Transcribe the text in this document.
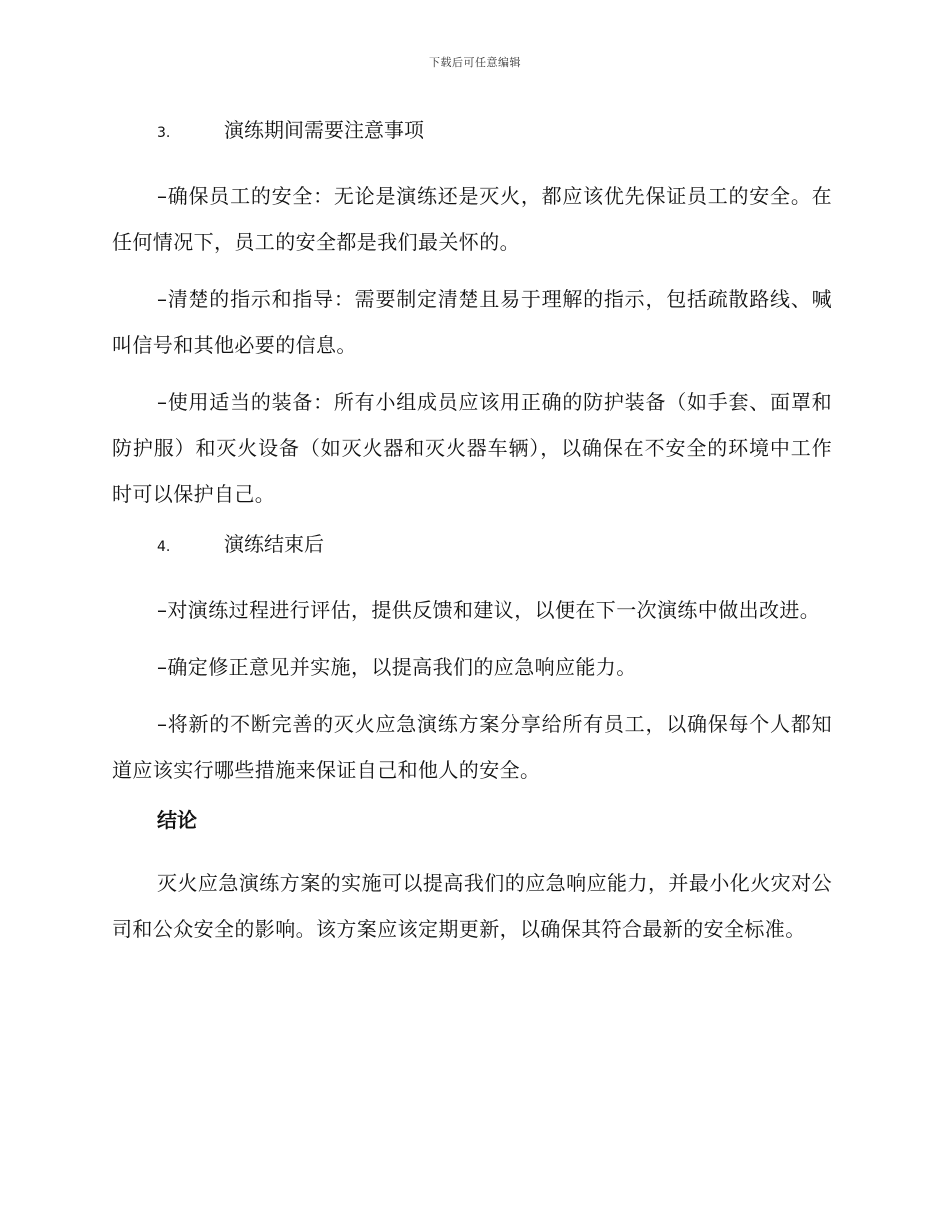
下载后可任意编辑
3.	演练期间需要注意事项

–确保员工的安全：无论是演练还是灭火，都应该优先保证员工的安全。在任何情况下，员工的安全都是我们最关怀的。

–清楚的指示和指导：需要制定清楚且易于理解的指示，包括疏散路线、喊叫信号和其他必要的信息。

–使用适当的装备：所有小组成员应该用正确的防护装备（如手套、面罩和防护服）和灭火设备（如灭火器和灭火器车辆），以确保在不安全的环境中工作时可以保护自己。

4.	演练结束后

–对演练过程进行评估，提供反馈和建议，以便在下一次演练中做出改进。

–确定修正意见并实施，以提高我们的应急响应能力。

–将新的不断完善的灭火应急演练方案分享给所有员工，以确保每个人都知道应该实行哪些措施来保证自己和他人的安全。

结论

灭火应急演练方案的实施可以提高我们的应急响应能力，并最小化火灾对公司和公众安全的影响。该方案应该定期更新，以确保其符合最新的安全标准。
